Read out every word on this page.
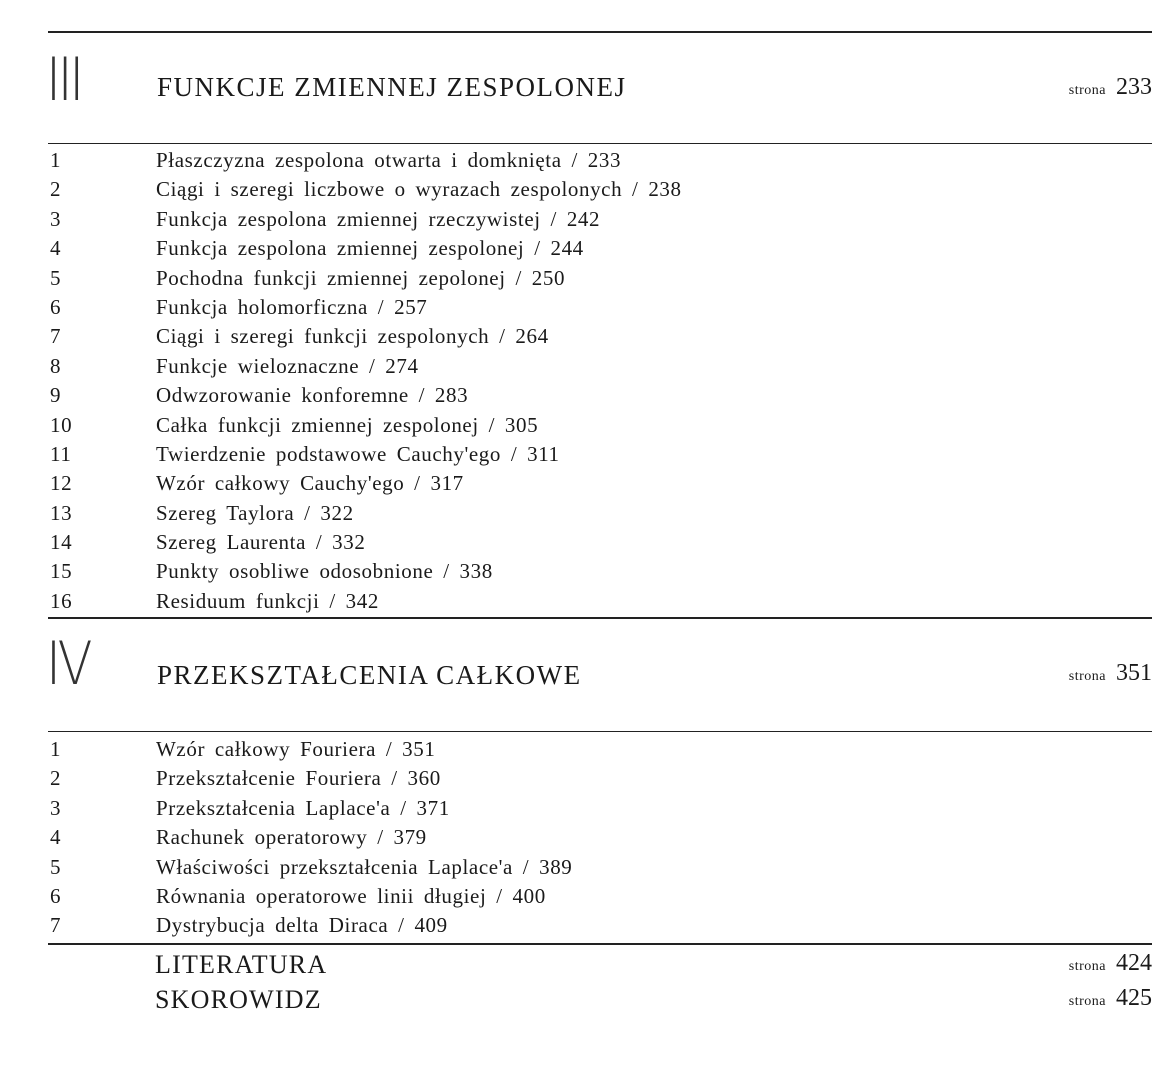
III	FUNKCJE ZMIENNEJ ZESPOLONEJ	strona 233
1	Płaszczyzna zespolona otwarta i domknięta / 233
2	Ciągi i szeregi liczbowe o wyrazach zespolonych / 238
3	Funkcja zespolona zmiennej rzeczywistej / 242
4	Funkcja zespolona zmiennej zespolonej / 244
5	Pochodna funkcji zmiennej zepolonej / 250
6	Funkcja holomorficzna / 257
7	Ciągi i szeregi funkcji zespolonych / 264
8	Funkcje wieloznaczne / 274
9	Odwzorowanie konforemne / 283
10	Całka funkcji zmiennej zespolonej / 305
11	Twierdzenie podstawowe Cauchy'ego / 311
12	Wzór całkowy Cauchy'ego / 317
13	Szereg Taylora / 322
14	Szereg Laurenta / 332
15	Punkty osobliwe odosobnione / 338
16	Residuum funkcji / 342
IV	PRZEKSZTAŁCENIA CAŁKOWE	strona 351
1	Wzór całkowy Fouriera / 351
2	Przekształcenie Fouriera / 360
3	Przekształcenia Laplace'a / 371
4	Rachunek operatorowy / 379
5	Właściwości przekształcenia Laplace'a / 389
6	Równania operatorowe linii długiej / 400
7	Dystrybucja delta Diraca / 409
LITERATURA	strona 424
SKOROWIDZ	strona 425
